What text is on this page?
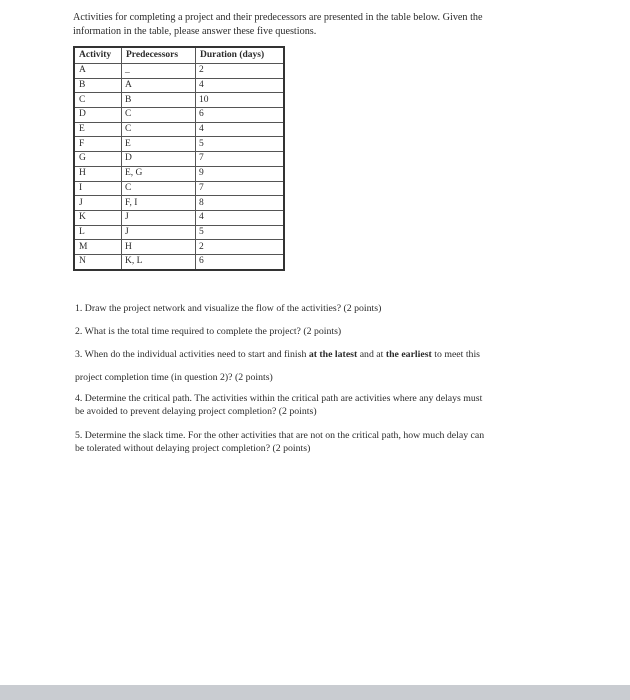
Activities for completing a project and their predecessors are presented in the table below. Given the
information in the table, please answer these five questions.
Activity	Predecessors	Duration (days)
A	_	2
B	A	4
C	B	10
D	C	6
E	C	4
F	E	5
G	D	7
H	E, G	9
I	C	7
J	F, I	8
K	J	4
L	J	5
M	H	2
N	K, L	6
1. Draw the project network and visualize the flow of the activities? (2 points)
2. What is the total time required to complete the project? (2 points)
3. When do the individual activities need to start and finish at the latest and at the earliest to meet this
project completion time (in question 2)? (2 points)
4. Determine the critical path. The activities within the critical path are activities where any delays must
be avoided to prevent delaying project completion? (2 points)
5. Determine the slack time. For the other activities that are not on the critical path, how much delay can
be tolerated without delaying project completion? (2 points)
